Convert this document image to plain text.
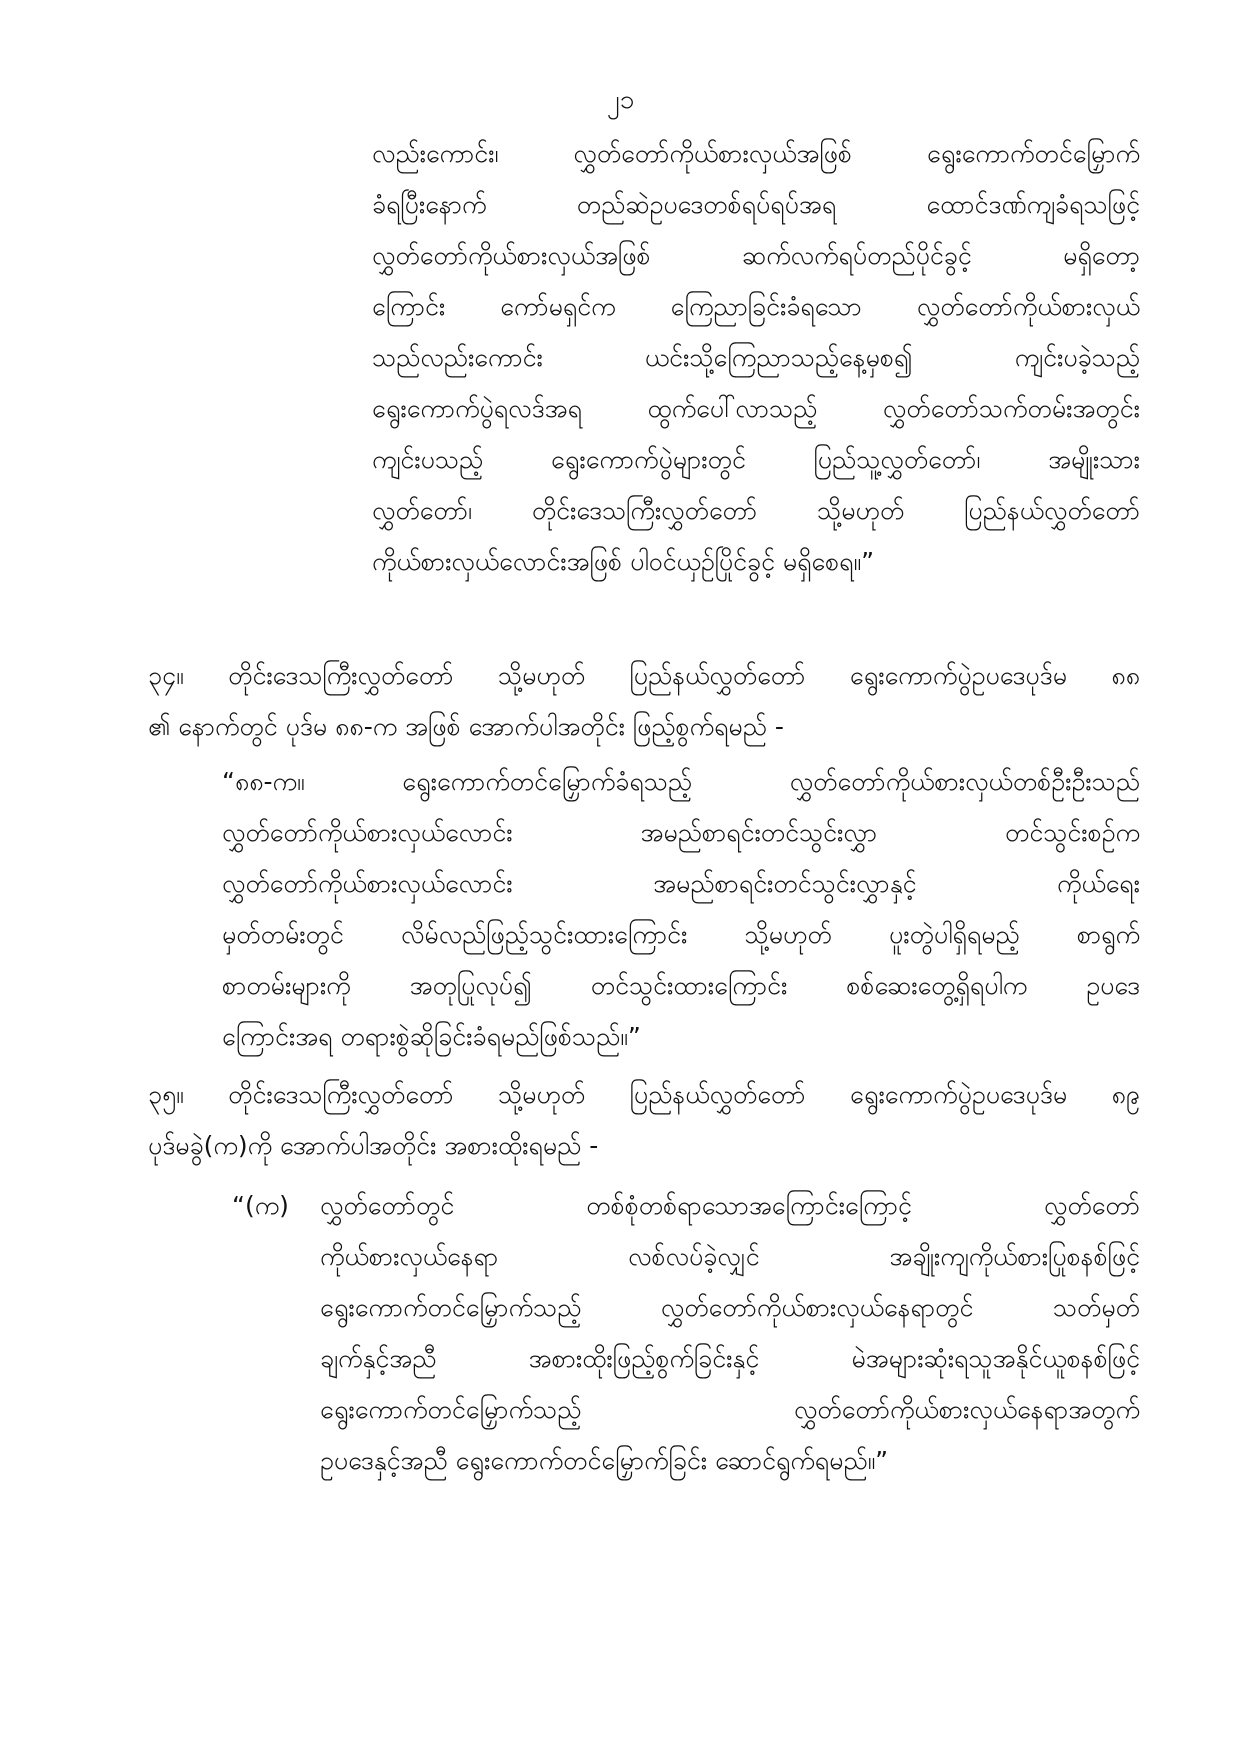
၂၁
လည်းကောင်း၊ လွှတ်တော်ကိုယ်စားလှယ်အဖြစ် ရွေးကောက်တင်မြှောက်
ခံရပြီးနောက် တည်ဆဲဥပဒေတစ်ရပ်ရပ်အရ ထောင်ဒဏ်ကျခံရသဖြင့်
လွှတ်တော်ကိုယ်စားလှယ်အဖြစ် ဆက်လက်ရပ်တည်ပိုင်ခွင့် မရှိတော့
ကြောင်း ကော်မရှင်က ကြေညာခြင်းခံရသော လွှတ်တော်ကိုယ်စားလှယ်
သည်လည်းကောင်း ယင်းသို့ကြေညာသည့်နေ့မှစ၍ ကျင်းပခဲ့သည့်
ရွေးကောက်ပွဲရလဒ်အရ ထွက်ပေါ်လာသည့် လွှတ်တော်သက်တမ်းအတွင်း
ကျင်းပသည့် ရွေးကောက်ပွဲများတွင် ပြည်သူ့လွှတ်တော်၊ အမျိုးသား
လွှတ်တော်၊ တိုင်းဒေသကြီးလွှတ်တော် သို့မဟုတ် ပြည်နယ်လွှတ်တော်
ကိုယ်စားလှယ်လောင်းအဖြစ် ပါဝင်ယှဉ်ပြိုင်ခွင့် မရှိစေရ။”
၃၄။ တိုင်းဒေသကြီးလွှတ်တော် သို့မဟုတ် ပြည်နယ်လွှတ်တော် ရွေးကောက်ပွဲဥပဒေပုဒ်မ ၈၈
၏ နောက်တွင် ပုဒ်မ ၈၈-က အဖြစ် အောက်ပါအတိုင်း ဖြည့်စွက်ရမည် -
“၈၈-က။ ရွေးကောက်တင်မြှောက်ခံရသည့် လွှတ်တော်ကိုယ်စားလှယ်တစ်ဦးဦးသည်
လွှတ်တော်ကိုယ်စားလှယ်လောင်း အမည်စာရင်းတင်သွင်းလွှာ တင်သွင်းစဉ်က
လွှတ်တော်ကိုယ်စားလှယ်လောင်း အမည်စာရင်းတင်သွင်းလွှာနှင့် ကိုယ်ရေး
မှတ်တမ်းတွင် လိမ်လည်ဖြည့်သွင်းထားကြောင်း သို့မဟုတ် ပူးတွဲပါရှိရမည့် စာရွက်
စာတမ်းများကို အတုပြုလုပ်၍ တင်သွင်းထားကြောင်း စစ်ဆေးတွေ့ရှိရပါက ဥပဒေ
ကြောင်းအရ တရားစွဲဆိုခြင်းခံရမည်ဖြစ်သည်။”
၃၅။ တိုင်းဒေသကြီးလွှတ်တော် သို့မဟုတ် ပြည်နယ်လွှတ်တော် ရွေးကောက်ပွဲဥပဒေပုဒ်မ ၈၉
ပုဒ်မခွဲ(က)ကို အောက်ပါအတိုင်း အစားထိုးရမည် -
“(က)	လွှတ်တော်တွင် တစ်စုံတစ်ရာသောအကြောင်းကြောင့် လွှတ်တော်
ကိုယ်စားလှယ်နေရာ လစ်လပ်ခဲ့လျှင် အချိုးကျကိုယ်စားပြုစနစ်ဖြင့်
ရွေးကောက်တင်မြှောက်သည့် လွှတ်တော်ကိုယ်စားလှယ်နေရာတွင် သတ်မှတ်
ချက်နှင့်အညီ အစားထိုးဖြည့်စွက်ခြင်းနှင့် မဲအများဆုံးရသူအနိုင်ယူစနစ်ဖြင့်
ရွေးကောက်တင်မြှောက်သည့် လွှတ်တော်ကိုယ်စားလှယ်နေရာအတွက်
ဥပဒေနှင့်အညီ ရွေးကောက်တင်မြှောက်ခြင်း ဆောင်ရွက်ရမည်။”
